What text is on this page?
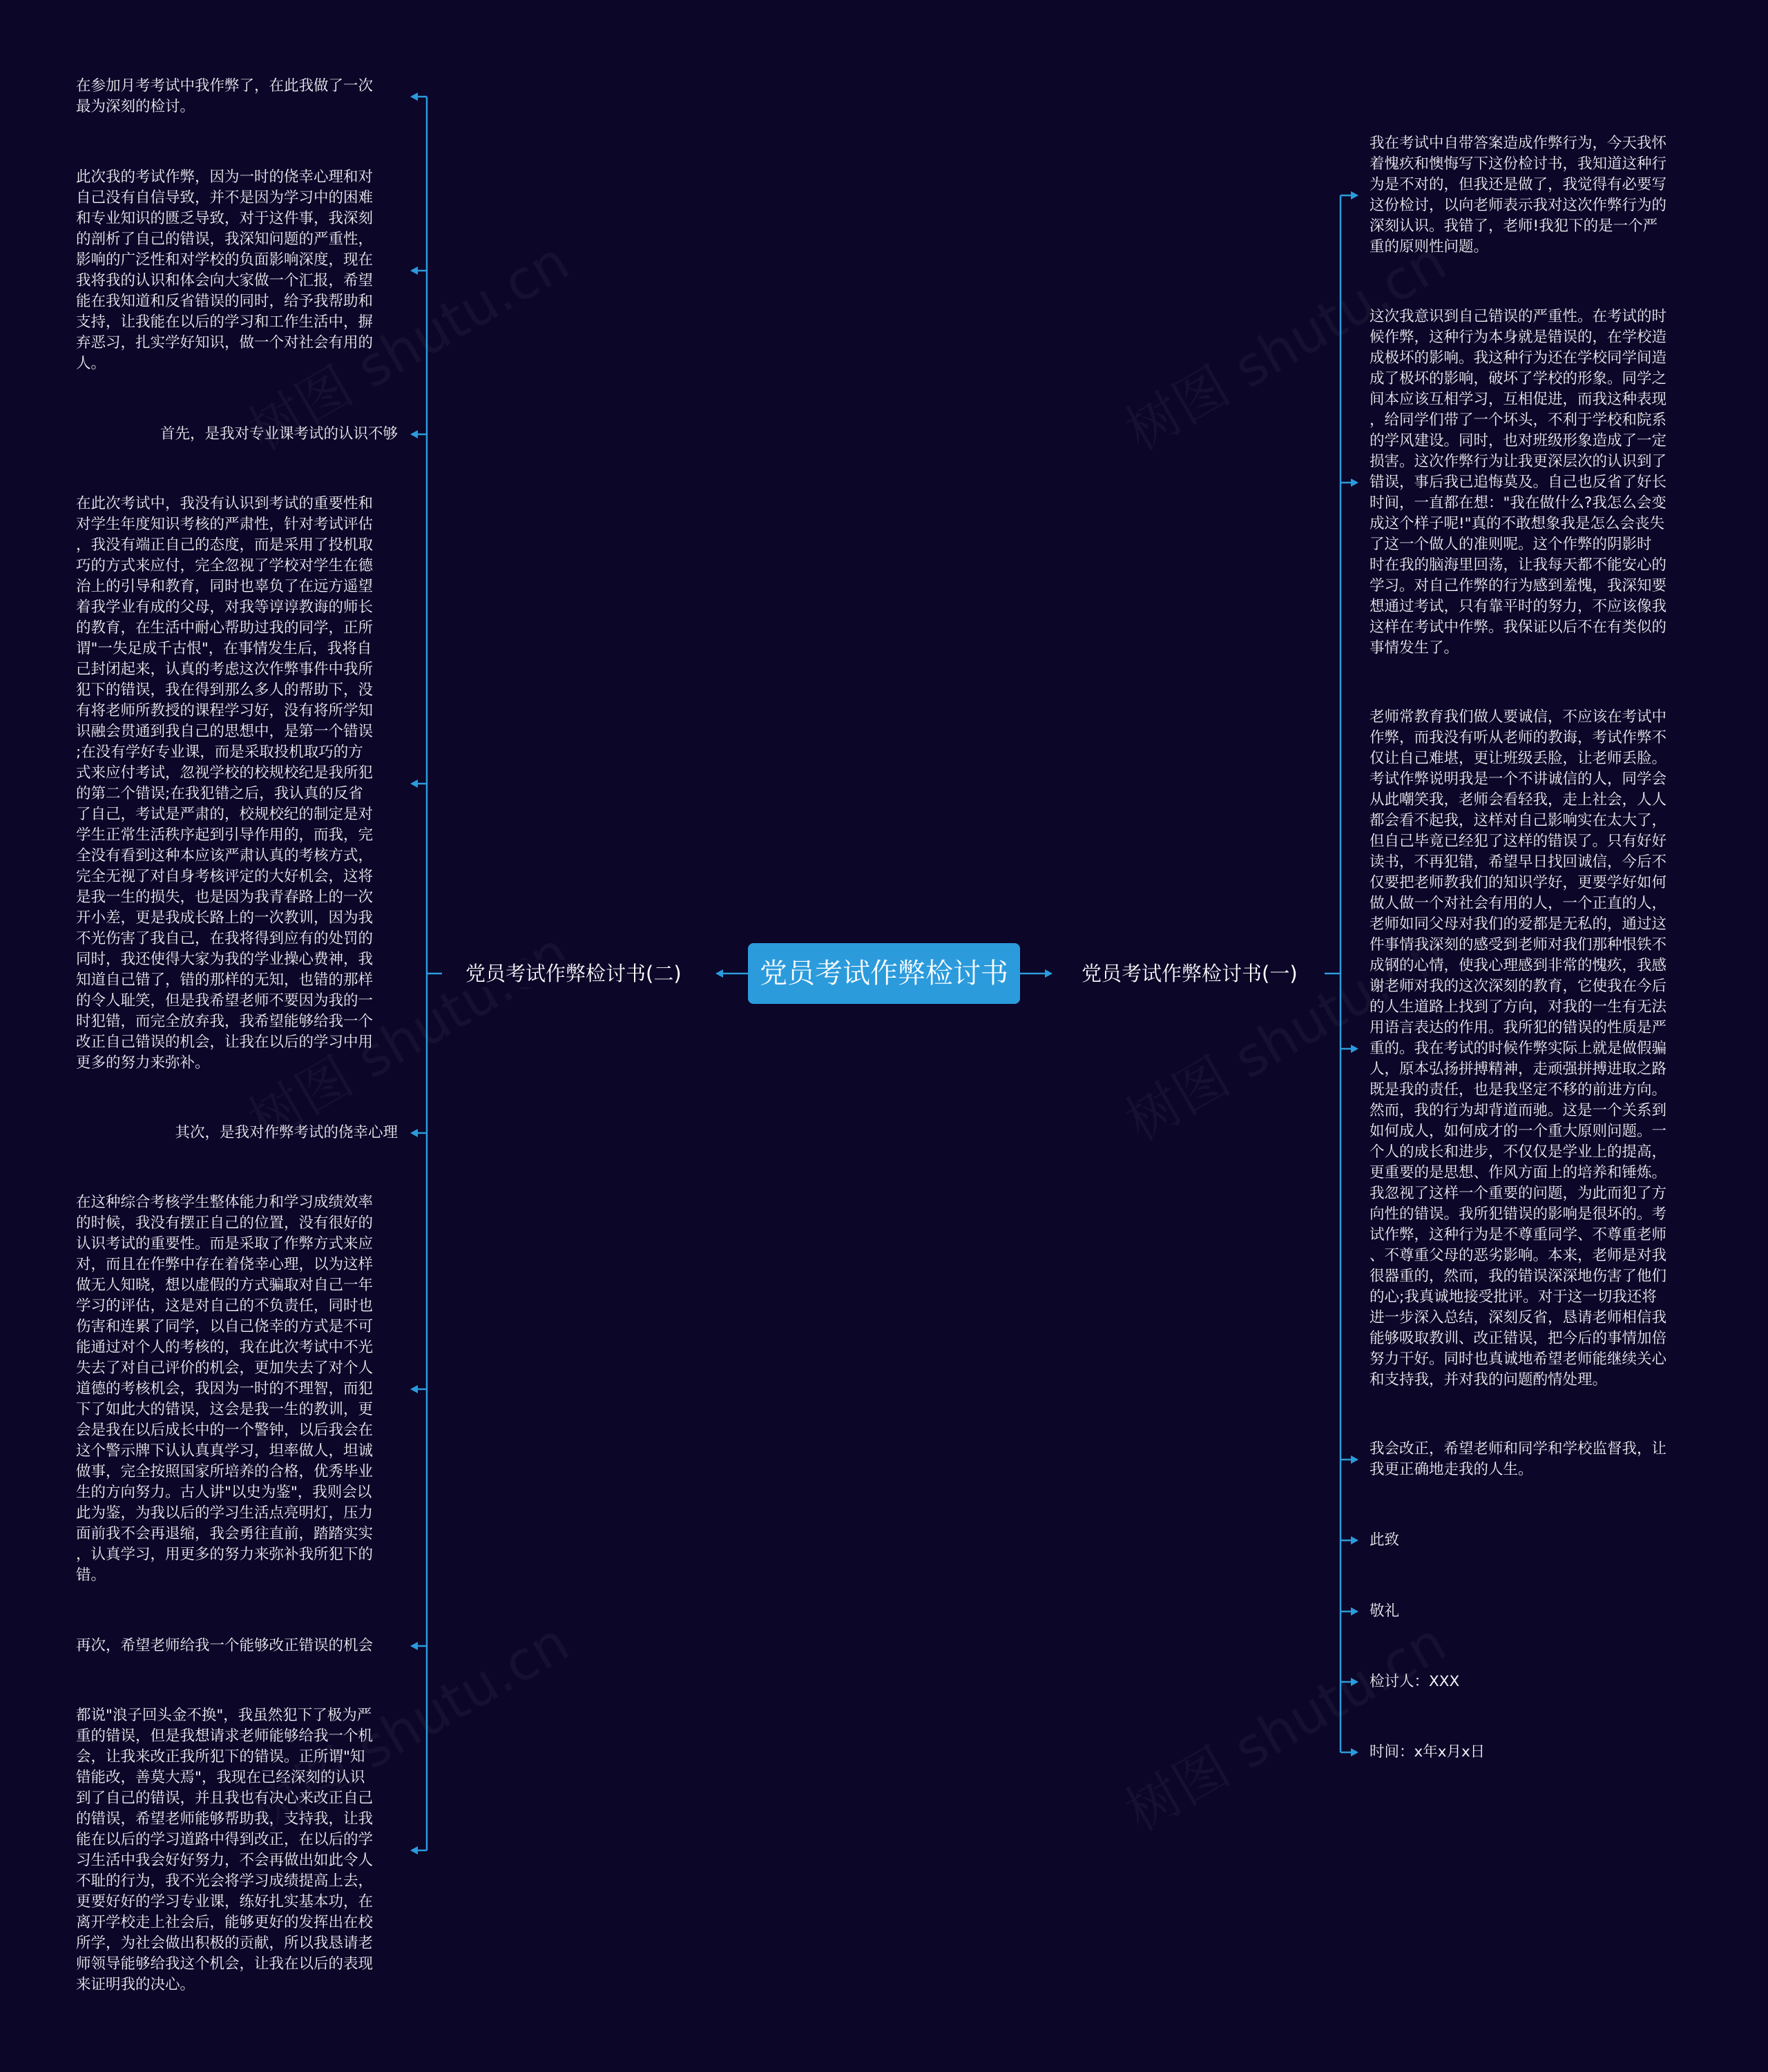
党员考试作弊检讨书
党员考试作弊检讨书(二)	党员考试作弊检讨书(一)
在参加月考考试中我作弊了，在此我做了一次
最为深刻的检讨。
此次我的考试作弊，因为一时的侥幸心理和对
自己没有自信导致，并不是因为学习中的困难
和专业知识的匮乏导致，对于这件事，我深刻
的剖析了自己的错误，我深知问题的严重性，
影响的广泛性和对学校的负面影响深度，现在
我将我的认识和体会向大家做一个汇报，希望
能在我知道和反省错误的同时，给予我帮助和
支持，让我能在以后的学习和工作生活中，摒
弃恶习，扎实学好知识，做一个对社会有用的
人。
首先，是我对专业课考试的认识不够
在此次考试中，我没有认识到考试的重要性和
对学生年度知识考核的严肃性，针对考试评估
，我没有端正自己的态度，而是采用了投机取
巧的方式来应付，完全忽视了学校对学生在德
治上的引导和教育，同时也辜负了在远方遥望
着我学业有成的父母，对我等谆谆教诲的师长
的教育，在生活中耐心帮助过我的同学，正所
谓"一失足成千古恨"，在事情发生后，我将自
己封闭起来，认真的考虑这次作弊事件中我所
犯下的错误，我在得到那么多人的帮助下，没
有将老师所教授的课程学习好，没有将所学知
识融会贯通到我自己的思想中，是第一个错误
;在没有学好专业课，而是采取投机取巧的方
式来应付考试，忽视学校的校规校纪是我所犯
的第二个错误;在我犯错之后，我认真的反省
了自己，考试是严肃的，校规校纪的制定是对
学生正常生活秩序起到引导作用的，而我，完
全没有看到这种本应该严肃认真的考核方式，
完全无视了对自身考核评定的大好机会，这将
是我一生的损失，也是因为我青春路上的一次
开小差，更是我成长路上的一次教训，因为我
不光伤害了我自己，在我将得到应有的处罚的
同时，我还使得大家为我的学业操心费神，我
知道自己错了，错的那样的无知，也错的那样
的令人耻笑，但是我希望老师不要因为我的一
时犯错，而完全放弃我，我希望能够给我一个
改正自己错误的机会，让我在以后的学习中用
更多的努力来弥补。
其次，是我对作弊考试的侥幸心理
在这种综合考核学生整体能力和学习成绩效率
的时候，我没有摆正自己的位置，没有很好的
认识考试的重要性。而是采取了作弊方式来应
对，而且在作弊中存在着侥幸心理，以为这样
做无人知晓，想以虚假的方式骗取对自己一年
学习的评估，这是对自己的不负责任，同时也
伤害和连累了同学，以自己侥幸的方式是不可
能通过对个人的考核的，我在此次考试中不光
失去了对自己评价的机会，更加失去了对个人
道德的考核机会，我因为一时的不理智，而犯
下了如此大的错误，这会是我一生的教训，更
会是我在以后成长中的一个警钟，以后我会在
这个警示牌下认认真真学习，坦率做人，坦诚
做事，完全按照国家所培养的合格，优秀毕业
生的方向努力。古人讲"以史为鉴"，我则会以
此为鉴，为我以后的学习生活点亮明灯，压力
面前我不会再退缩，我会勇往直前，踏踏实实
，认真学习，用更多的努力来弥补我所犯下的
错。
再次，希望老师给我一个能够改正错误的机会
都说"浪子回头金不换"，我虽然犯下了极为严
重的错误，但是我想请求老师能够给我一个机
会，让我来改正我所犯下的错误。正所谓"知
错能改，善莫大焉"，我现在已经深刻的认识
到了自己的错误，并且我也有决心来改正自己
的错误，希望老师能够帮助我，支持我，让我
能在以后的学习道路中得到改正，在以后的学
习生活中我会好好努力，不会再做出如此令人
不耻的行为，我不光会将学习成绩提高上去，
更要好好的学习专业课，练好扎实基本功，在
离开学校走上社会后，能够更好的发挥出在校
所学，为社会做出积极的贡献，所以我恳请老
师领导能够给我这个机会，让我在以后的表现
来证明我的决心。
我在考试中自带答案造成作弊行为，今天我怀
着愧疚和懊悔写下这份检讨书，我知道这种行
为是不对的，但我还是做了，我觉得有必要写
这份检讨，以向老师表示我对这次作弊行为的
深刻认识。我错了，老师!我犯下的是一个严
重的原则性问题。
这次我意识到自己错误的严重性。在考试的时
候作弊，这种行为本身就是错误的，在学校造
成极坏的影响。我这种行为还在学校同学间造
成了极坏的影响，破坏了学校的形象。同学之
间本应该互相学习，互相促进，而我这种表现
，给同学们带了一个坏头，不利于学校和院系
的学风建设。同时，也对班级形象造成了一定
损害。这次作弊行为让我更深层次的认识到了
错误，事后我已追悔莫及。自己也反省了好长
时间，一直都在想："我在做什么?我怎么会变
成这个样子呢!"真的不敢想象我是怎么会丧失
了这一个做人的准则呢。这个作弊的阴影时
时在我的脑海里回荡，让我每天都不能安心的
学习。对自己作弊的行为感到羞愧，我深知要
想通过考试，只有靠平时的努力，不应该像我
这样在考试中作弊。我保证以后不在有类似的
事情发生了。
老师常教育我们做人要诚信，不应该在考试中
作弊，而我没有听从老师的教诲，考试作弊不
仅让自己难堪，更让班级丢脸，让老师丢脸。
考试作弊说明我是一个不讲诚信的人，同学会
从此嘲笑我，老师会看轻我，走上社会，人人
都会看不起我，这样对自己影响实在太大了，
但自己毕竟已经犯了这样的错误了。只有好好
读书，不再犯错，希望早日找回诚信，今后不
仅要把老师教我们的知识学好，更要学好如何
做人做一个对社会有用的人，一个正直的人，
老师如同父母对我们的爱都是无私的，通过这
件事情我深刻的感受到老师对我们那种恨铁不
成钢的心情，使我心理感到非常的愧疚，我感
谢老师对我的这次深刻的教育，它使我在今后
的人生道路上找到了方向，对我的一生有无法
用语言表达的作用。我所犯的错误的性质是严
重的。我在考试的时候作弊实际上就是做假骗
人，原本弘扬拼搏精神，走顽强拼搏进取之路
既是我的责任，也是我坚定不移的前进方向。
然而，我的行为却背道而驰。这是一个关系到
如何成人，如何成才的一个重大原则问题。一
个人的成长和进步，不仅仅是学业上的提高，
更重要的是思想、作风方面上的培养和锤炼。
我忽视了这样一个重要的问题，为此而犯了方
向性的错误。我所犯错误的影响是很坏的。考
试作弊，这种行为是不尊重同学、不尊重老师
、不尊重父母的恶劣影响。本来，老师是对我
很器重的，然而，我的错误深深地伤害了他们
的心;我真诚地接受批评。对于这一切我还将
进一步深入总结，深刻反省，恳请老师相信我
能够吸取教训、改正错误，把今后的事情加倍
努力干好。同时也真诚地希望老师能继续关心
和支持我，并对我的问题酌情处理。
我会改正，希望老师和同学和学校监督我，让
我更正确地走我的人生。
此致
敬礼
检讨人：XXX
时间：x年x月x日
